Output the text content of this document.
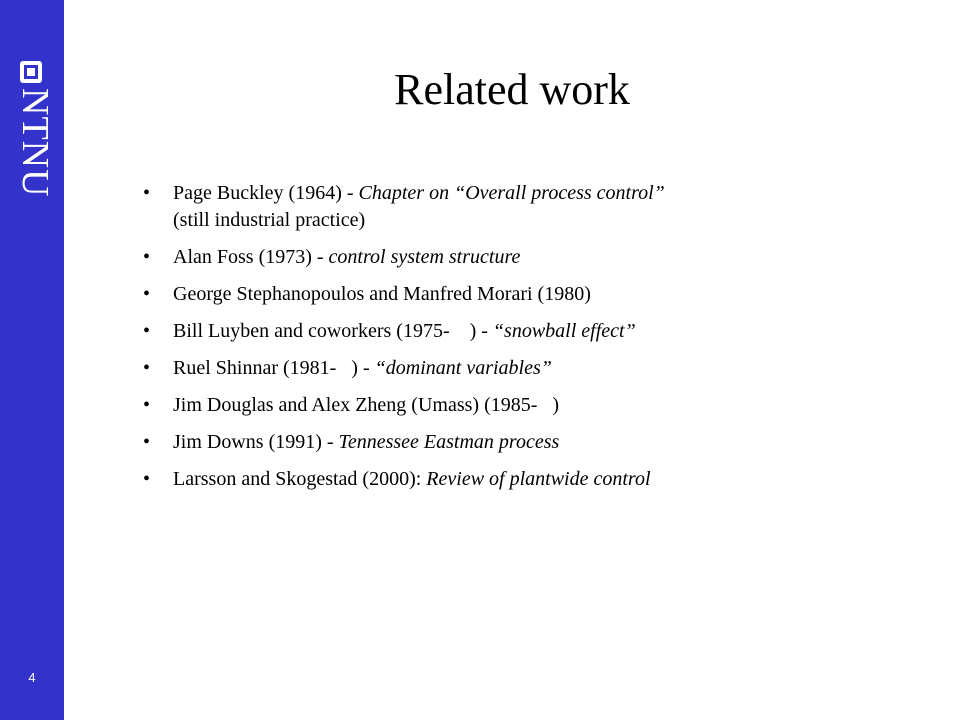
NTNU
4
Related work
• Page Buckley (1964) - Chapter on “Overall process control”
(still industrial practice)
• Alan Foss (1973) - control system structure
• George Stephanopoulos and Manfred Morari (1980)
• Bill Luyben and coworkers (1975-    ) - “snowball effect”
• Ruel Shinnar (1981-   ) - “dominant variables”
• Jim Douglas and Alex Zheng (Umass) (1985-   )
• Jim Downs (1991) - Tennessee Eastman process
• Larsson and Skogestad (2000): Review of plantwide control
